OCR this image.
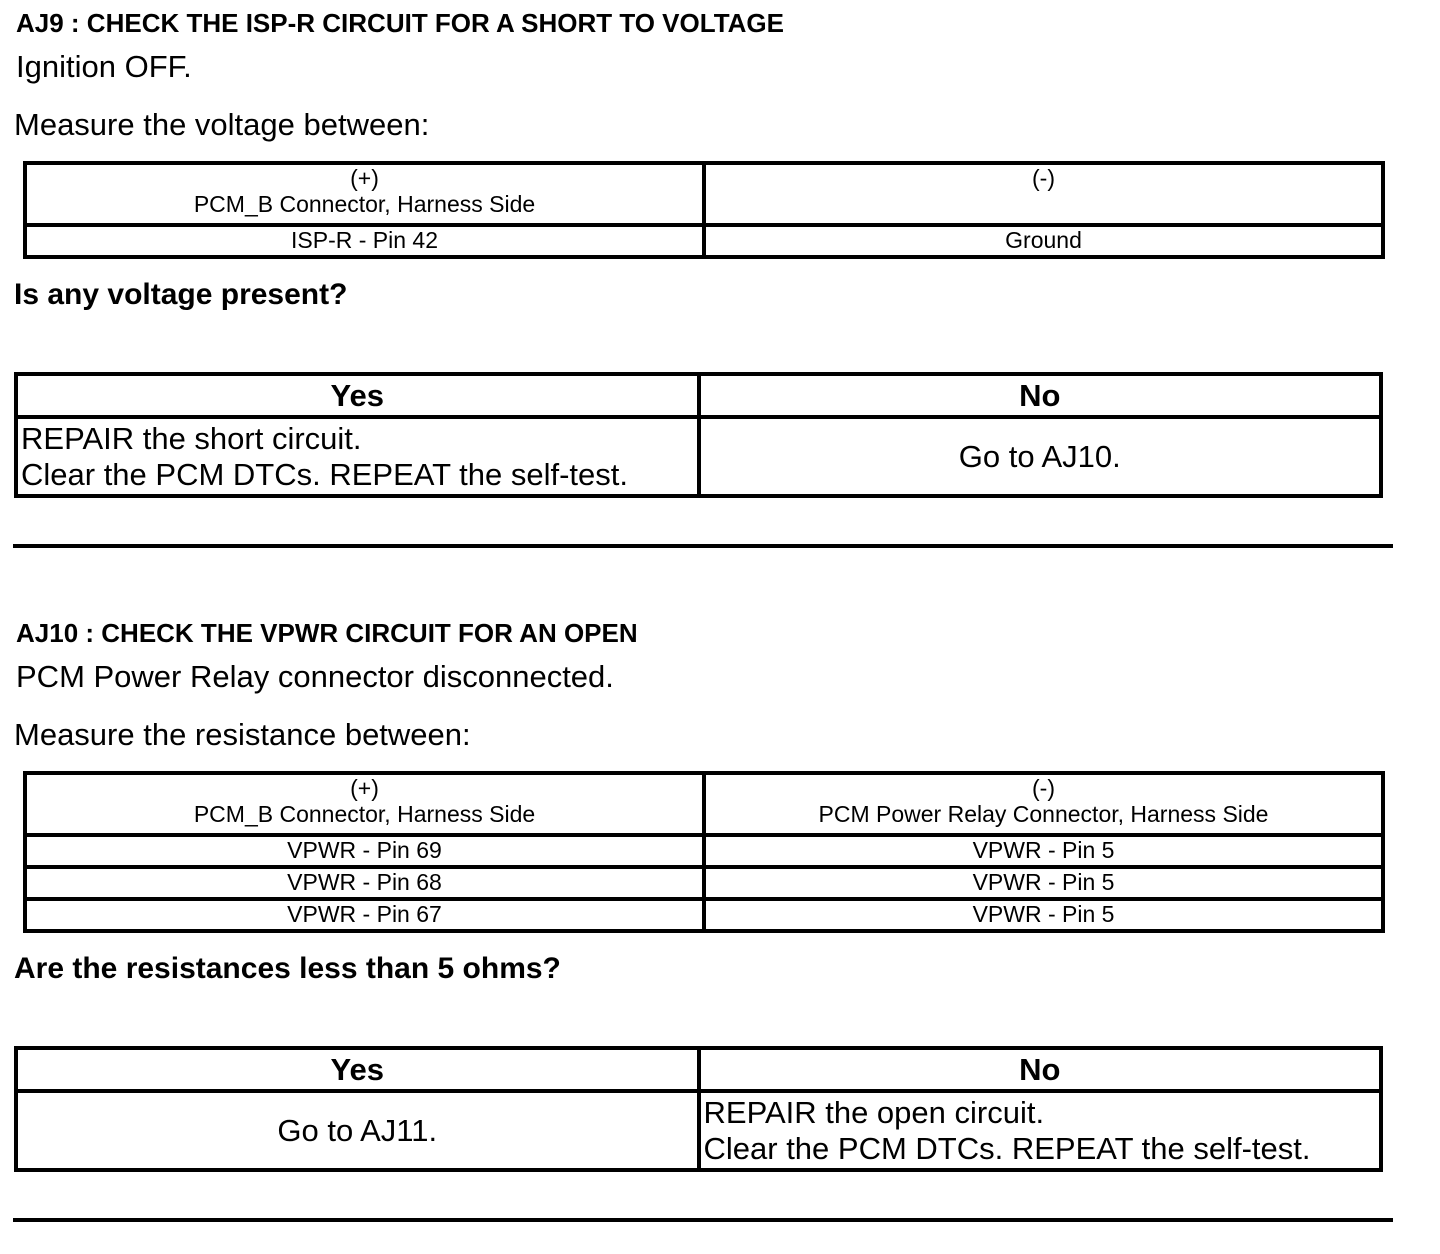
AJ9 : CHECK THE ISP-R CIRCUIT FOR A SHORT TO VOLTAGE
Ignition OFF.
Measure the voltage between:
(+)
PCM_B Connector, Harness Side	(-)

ISP-R - Pin 42	Ground
Is any voltage present?
Yes	No

REPAIR the short circuit.
Clear the PCM DTCs. REPEAT the self-test.	Go to AJ10.
AJ10 : CHECK THE VPWR CIRCUIT FOR AN OPEN
PCM Power Relay connector disconnected.
Measure the resistance between:
(+)
PCM_B Connector, Harness Side	(-)
PCM Power Relay Connector, Harness Side

VPWR - Pin 69	VPWR - Pin 5
VPWR - Pin 68	VPWR - Pin 5
VPWR - Pin 67	VPWR - Pin 5
Are the resistances less than 5 ohms?
Yes	No

Go to AJ11.	REPAIR the open circuit.
Clear the PCM DTCs. REPEAT the self-test.
